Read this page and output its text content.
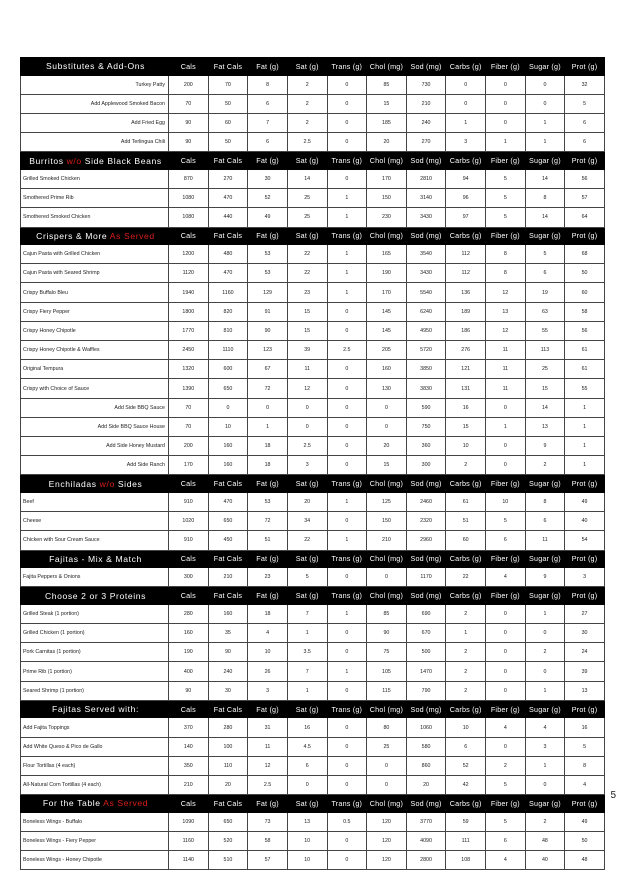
Substitutes & Add-Ons	Cals	Fat Cals	Fat (g)	Sat (g)	Trans (g)	Chol (mg)	Sod (mg)	Carbs (g)	Fiber (g)	Sugar (g)	Prot (g)
Turkey Patty	200	70	8	2	0	85	730	0	0	0	32
Add Applewood Smoked Bacon	70	50	6	2	0	15	210	0	0	0	5
Add Fried Egg	90	60	7	2	0	185	240	1	0	1	6
Add Terlingua Chili	90	50	6	2.5	0	20	270	3	1	1	6
Burritos w/o Side Black Beans	Cals	Fat Cals	Fat (g)	Sat (g)	Trans (g)	Chol (mg)	Sod (mg)	Carbs (g)	Fiber (g)	Sugar (g)	Prot (g)
Grilled Smoked Chicken	870	270	30	14	0	170	2810	94	5	14	56
Smothered Prime Rib	1080	470	52	25	1	150	3140	96	5	8	57
Smothered Smoked Chicken	1080	440	49	25	1	230	3430	97	5	14	64
Crispers & More As Served	Cals	Fat Cals	Fat (g)	Sat (g)	Trans (g)	Chol (mg)	Sod (mg)	Carbs (g)	Fiber (g)	Sugar (g)	Prot (g)
Cajun Pasta with Grilled Chicken	1200	480	53	22	1	165	3540	112	8	5	68
Cajun Pasta with Seared Shrimp	1120	470	53	22	1	190	3430	112	8	6	50
Crispy Buffalo Bleu	1940	1160	129	23	1	170	5540	136	12	19	60
Crispy Fiery Pepper	1800	820	91	15	0	145	6240	189	13	63	58
Crispy Honey Chipotle	1770	810	90	15	0	145	4950	186	12	55	56
Crispy Honey Chipotle & Waffles	2450	1110	123	39	2.5	205	5720	276	11	113	61
Original Tempura	1320	600	67	11	0	160	3850	121	11	25	61
Crispy with Choice of Sauce	1390	650	72	12	0	130	3830	131	11	15	55
Add Side BBQ Sauce	70	0	0	0	0	0	590	16	0	14	1
Add Side BBQ Sauce House	70	10	1	0	0	0	750	15	1	13	1
Add Side Honey Mustard	200	160	18	2.5	0	20	360	10	0	9	1
Add Side Ranch	170	160	18	3	0	15	300	2	0	2	1
Enchiladas w/o Sides	Cals	Fat Cals	Fat (g)	Sat (g)	Trans (g)	Chol (mg)	Sod (mg)	Carbs (g)	Fiber (g)	Sugar (g)	Prot (g)
Beef	910	470	53	20	1	125	2460	61	10	8	49
Cheese	1020	650	72	34	0	150	2320	51	5	6	40
Chicken with Sour Cream Sauce	910	450	51	22	1	210	2960	60	6	11	54
Fajitas - Mix & Match	Cals	Fat Cals	Fat (g)	Sat (g)	Trans (g)	Chol (mg)	Sod (mg)	Carbs (g)	Fiber (g)	Sugar (g)	Prot (g)
Fajita Peppers & Onions	300	210	23	5	0	0	1170	22	4	9	3
Choose 2 or 3 Proteins	Cals	Fat Cals	Fat (g)	Sat (g)	Trans (g)	Chol (mg)	Sod (mg)	Carbs (g)	Fiber (g)	Sugar (g)	Prot (g)
Grilled Steak (1 portion)	280	160	18	7	1	85	690	2	0	1	27
Grilled Chicken (1 portion)	160	35	4	1	0	90	670	1	0	0	30
Pork Carnitas (1 portion)	190	90	10	3.5	0	75	500	2	0	2	24
Prime Rib (1 portion)	400	240	26	7	1	105	1470	2	0	0	39
Seared Shrimp (1 portion)	90	30	3	1	0	115	790	2	0	1	13
Fajitas Served with:	Cals	Fat Cals	Fat (g)	Sat (g)	Trans (g)	Chol (mg)	Sod (mg)	Carbs (g)	Fiber (g)	Sugar (g)	Prot (g)
Add Fajita Toppings	370	280	31	16	0	80	1060	10	4	4	16
Add White Queso & Pico de Gallo	140	100	11	4.5	0	25	580	6	0	3	5
Flour Tortillas (4 each)	350	110	12	6	0	0	860	52	2	1	8
All-Natural Corn Tortillas (4 each)	210	20	2.5	0	0	0	20	42	5	0	4
For the Table As Served	Cals	Fat Cals	Fat (g)	Sat (g)	Trans (g)	Chol (mg)	Sod (mg)	Carbs (g)	Fiber (g)	Sugar (g)	Prot (g)
Boneless Wings - Buffalo	1090	650	73	13	0.5	120	3770	59	5	2	49
Boneless Wings - Fiery Pepper	1160	520	58	10	0	120	4090	111	6	48	50
Boneless Wings - Honey Chipotle	1140	510	57	10	0	120	2800	108	4	40	48
5
